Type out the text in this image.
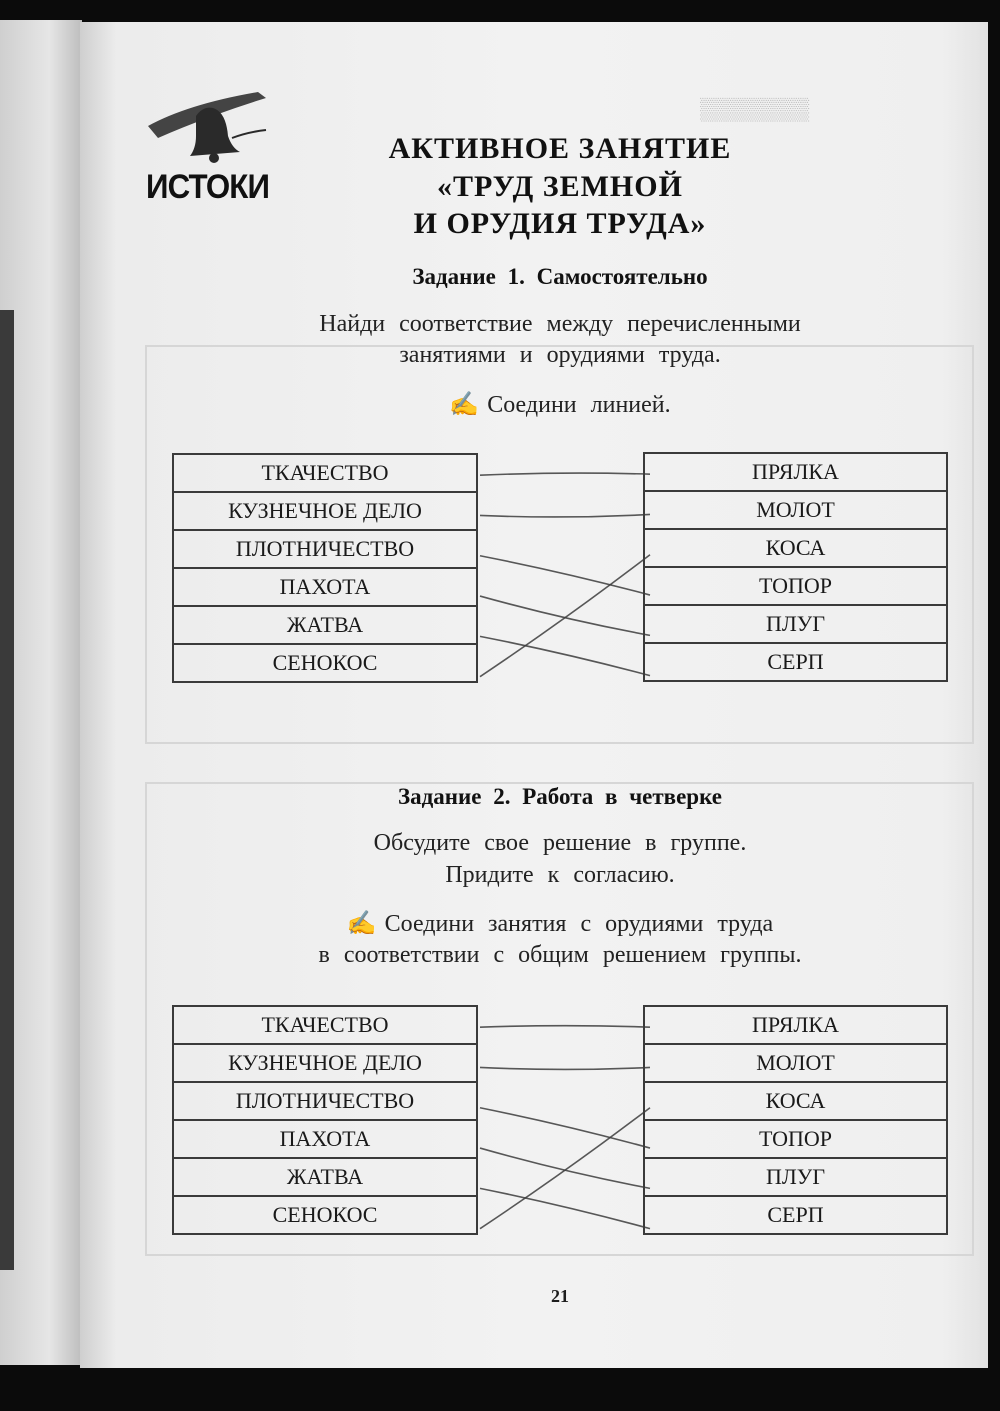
▒▒▒▒▒▒▒
ИСТОКИ
АКТИВНОЕ ЗАНЯТИЕ
«ТРУД ЗЕМНОЙ
И ОРУДИЯ ТРУДА»
Задание 1. Самостоятельно
Найди соответствие между перечисленными
занятиями и орудиями труда.
✍ Соедини линией.
ТКАЧЕСТВО
КУЗНЕЧНОЕ ДЕЛО
ПЛОТНИЧЕСТВО
ПАХОТА
ЖАТВА
СЕНОКОС
ПРЯЛКА
МОЛОТ
КОСА
ТОПОР
ПЛУГ
СЕРП
Задание 2. Работа в четверке
Обсудите свое решение в группе.
Придите к согласию.
✍ Соедини занятия с орудиями труда
в соответствии с общим решением группы.
ТКАЧЕСТВО
КУЗНЕЧНОЕ ДЕЛО
ПЛОТНИЧЕСТВО
ПАХОТА
ЖАТВА
СЕНОКОС
ПРЯЛКА
МОЛОТ
КОСА
ТОПОР
ПЛУГ
СЕРП
21
